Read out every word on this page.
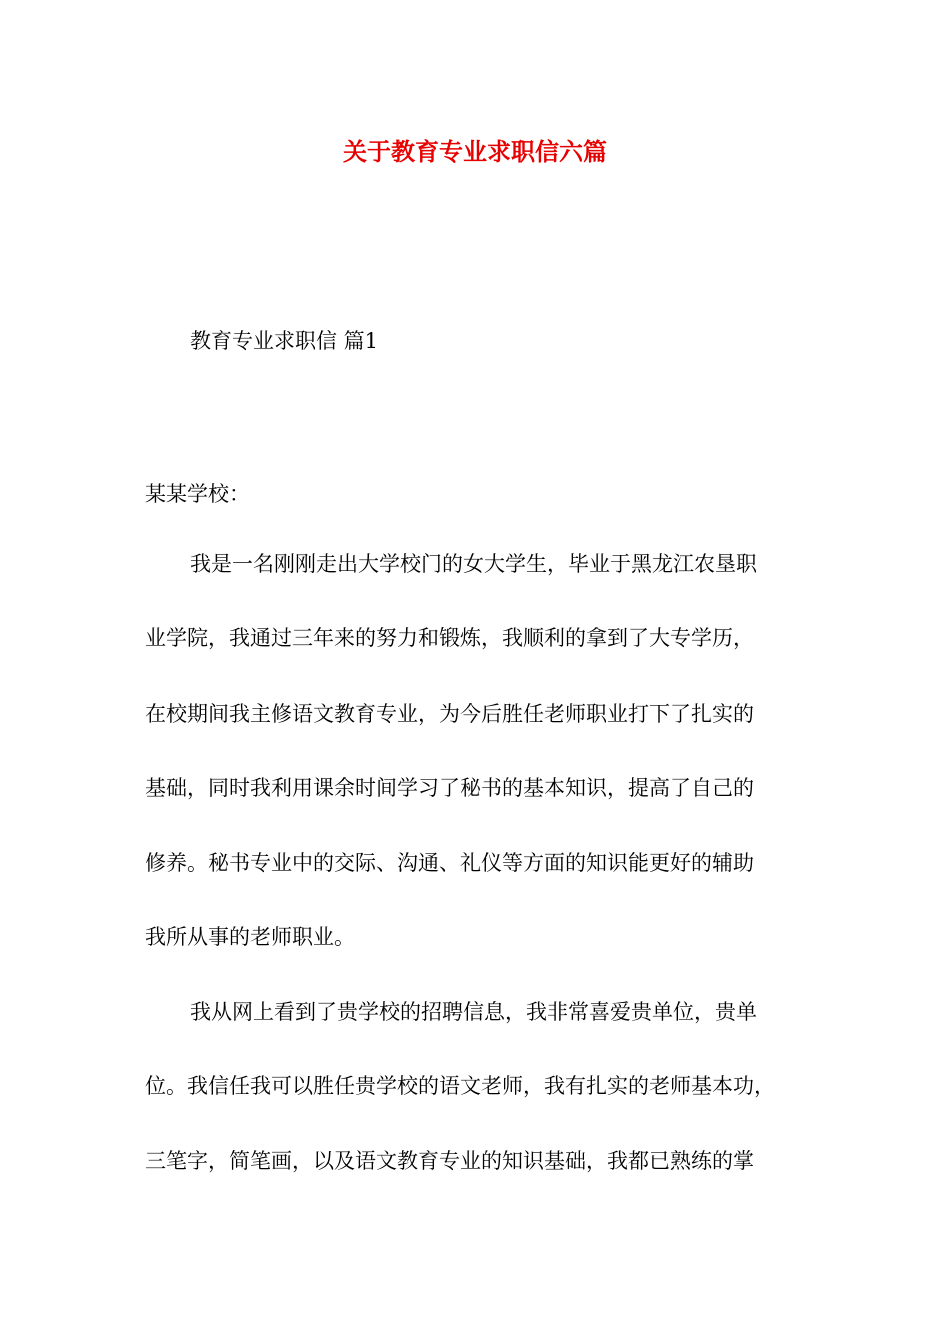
关于教育专业求职信六篇
教育专业求职信 篇1
某某学校：
我是一名刚刚走出大学校门的女大学生，毕业于黑龙江农垦职
业学院，我通过三年来的努力和锻炼，我顺利的拿到了大专学历，
在校期间我主修语文教育专业，为今后胜任老师职业打下了扎实的
基础，同时我利用课余时间学习了秘书的基本知识，提高了自己的
修养。秘书专业中的交际、沟通、礼仪等方面的知识能更好的辅助
我所从事的老师职业。
我从网上看到了贵学校的招聘信息，我非常喜爱贵单位，贵单
位。我信任我可以胜任贵学校的语文老师，我有扎实的老师基本功，
三笔字，简笔画，以及语文教育专业的知识基础，我都已熟练的掌
